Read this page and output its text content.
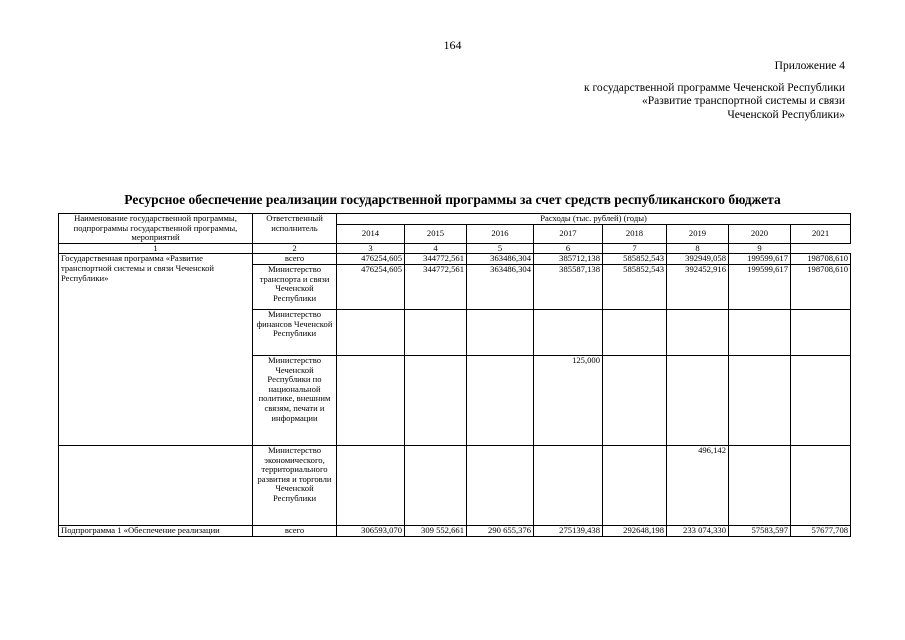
164
Приложение 4
к государственной программе Чеченской Республики
«Развитие транспортной системы и связи
Чеченской Республики»
Ресурсное обеспечение реализации государственной программы за счет средств республиканского бюджета
Наименование государственной программы, подпрограммы государственной программы, мероприятий	Ответственный исполнитель	Расходы (тыс. рублей) (годы)							
		2014	2015	2016	2017	2018	2019	2020	2021
1	2	3	4	5	6	7	8	9	
Государственная программа «Развитие транспортной системы и связи Чеченской Республики»	всего	476254,605	344772,561	363486,304	385712,138	585852,543	392949,058	199599,617	198708,610
	Министерство транспорта и связи Чеченской Республики	476254,605	344772,561	363486,304	385587,138	585852,543	392452,916	199599,617	198708,610
	Министерство финансов Чеченской Республики								
	Министерство Чеченской Республики по национальной политике, внешним связям, печати и информации				125,000				
	Министерство экономического, территориального развития и торговли Чеченской Республики						496,142		
Подпрограмма 1 «Обеспечение реализации	всего	306593,070	309 552,661	290 655,376	275139,438	292648,198	233 074,330	57583,597	57677,708
